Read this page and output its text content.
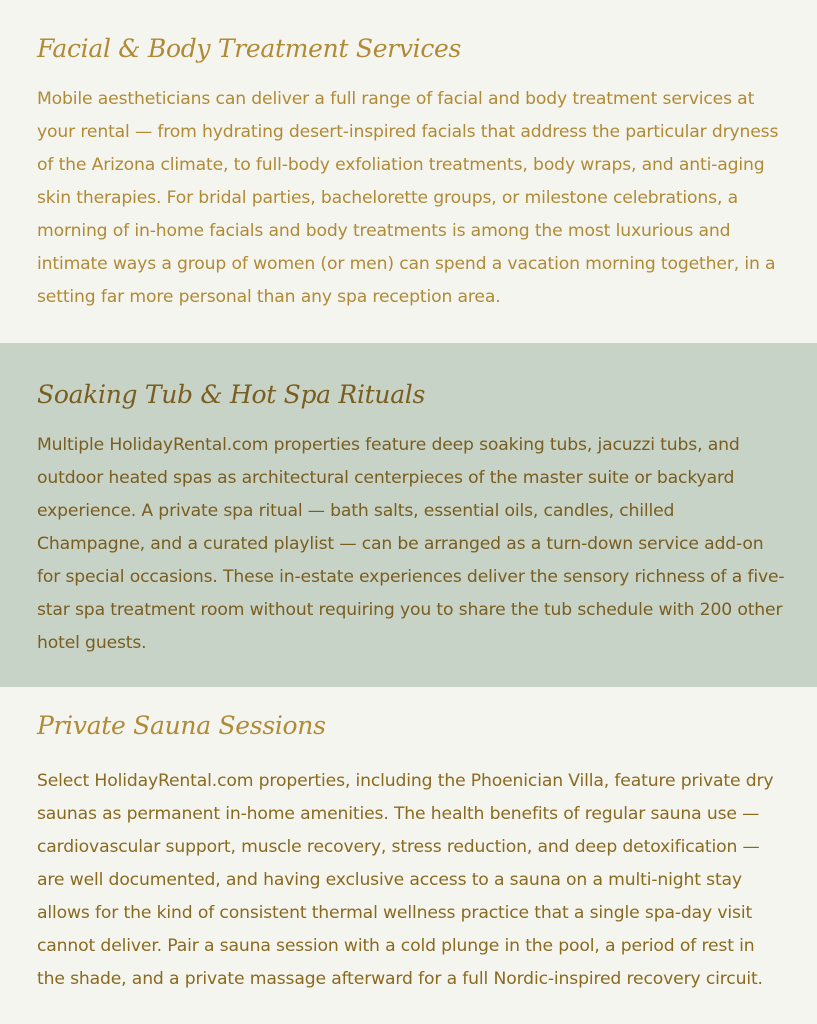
Facial & Body Treatment Services

Mobile aestheticians can deliver a full range of facial and body treatment services at your rental — from hydrating desert-inspired facials that address the particular dryness of the Arizona climate, to full-body exfoliation treatments, body wraps, and anti-aging skin therapies. For bridal parties, bachelorette groups, or milestone celebrations, a morning of in-home facials and body treatments is among the most luxurious and intimate ways a group of women (or men) can spend a vacation morning together, in a setting far more personal than any spa reception area.

Soaking Tub & Hot Spa Rituals

Multiple HolidayRental.com properties feature deep soaking tubs, jacuzzi tubs, and outdoor heated spas as architectural centerpieces of the master suite or backyard experience. A private spa ritual — bath salts, essential oils, candles, chilled Champagne, and a curated playlist — can be arranged as a turn-down service add-on for special occasions. These in-estate experiences deliver the sensory richness of a five-star spa treatment room without requiring you to share the tub schedule with 200 other hotel guests.

Private Sauna Sessions

Select HolidayRental.com properties, including the Phoenician Villa, feature private dry saunas as permanent in-home amenities. The health benefits of regular sauna use — cardiovascular support, muscle recovery, stress reduction, and deep detoxification — are well documented, and having exclusive access to a sauna on a multi-night stay allows for the kind of consistent thermal wellness practice that a single spa-day visit cannot deliver. Pair a sauna session with a cold plunge in the pool, a period of rest in the shade, and a private massage afterward for a full Nordic-inspired recovery circuit.
